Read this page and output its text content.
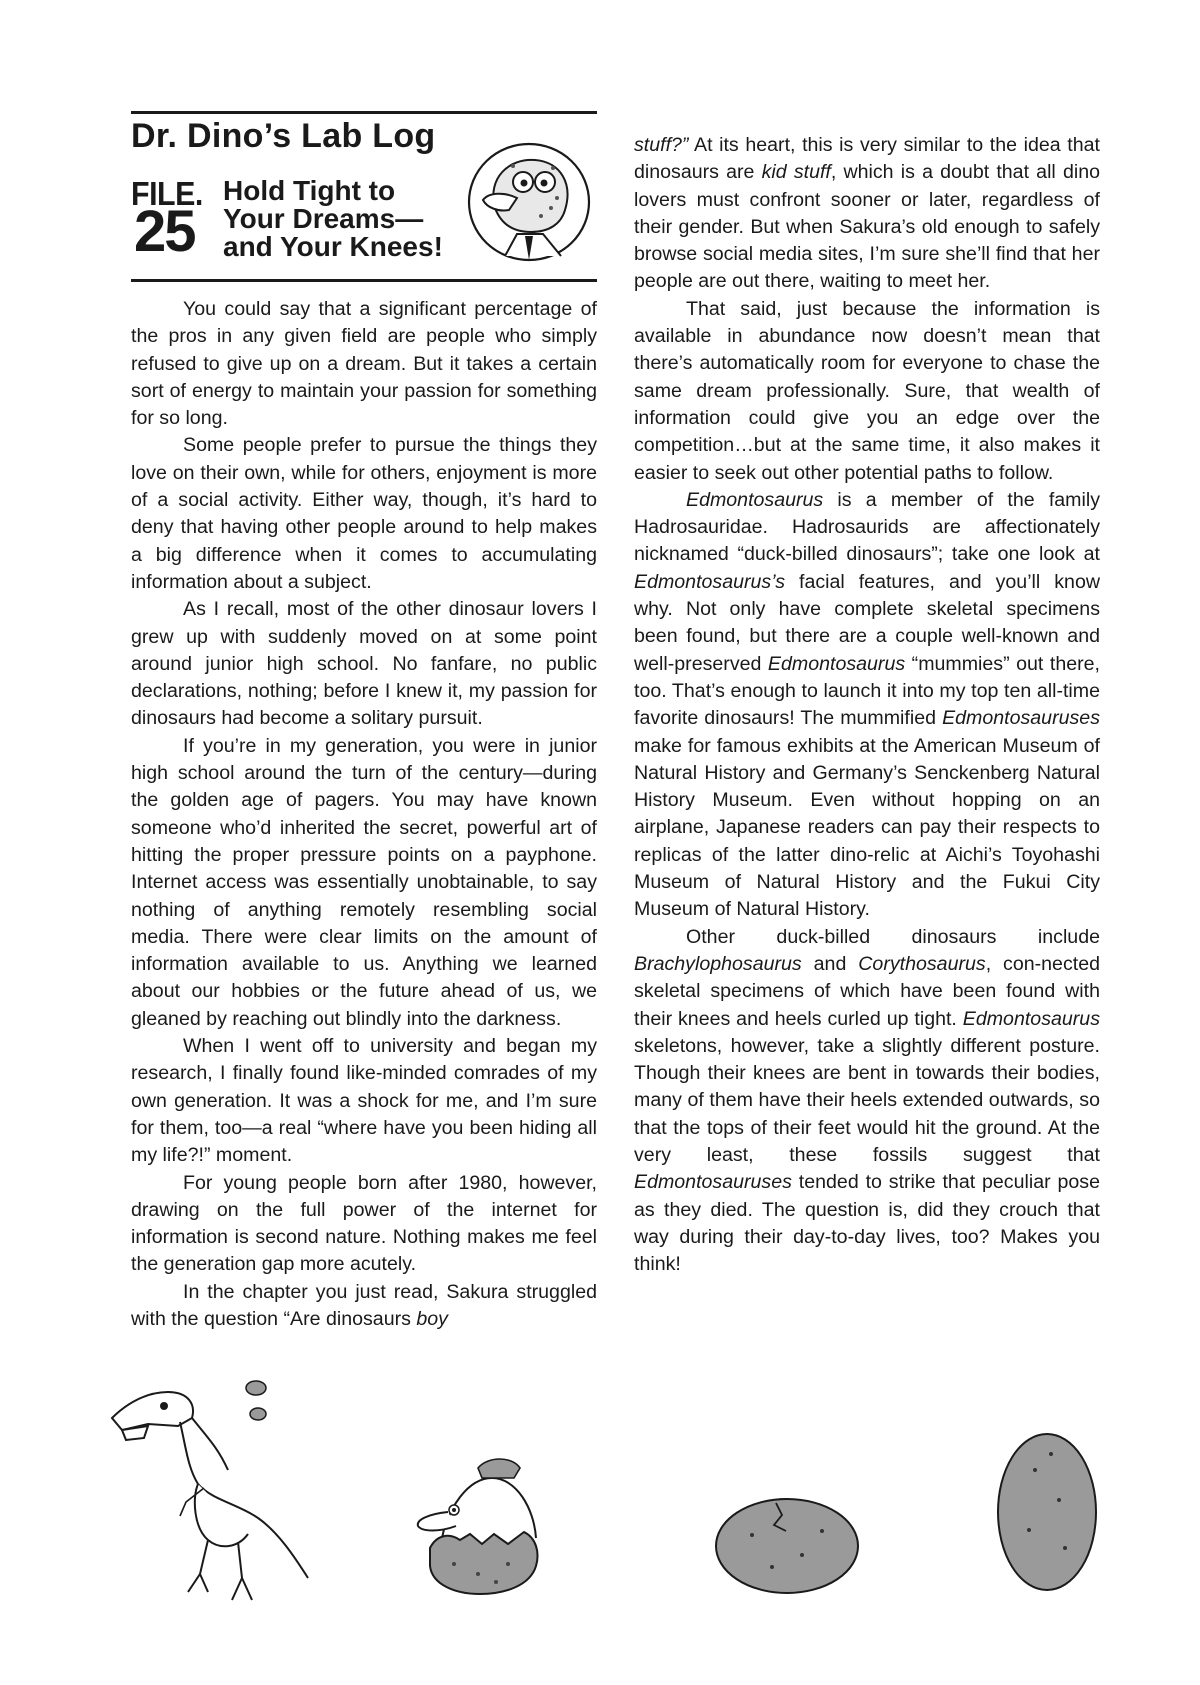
Dr. Dino’s Lab Log
FILE.
25
Hold Tight to
Your Dreams—
and Your Knees!

You could say that a significant percentage of the pros in any given field are people who simply refused to give up on a dream. But it takes a certain sort of energy to maintain your passion for something for so long.

Some people prefer to pursue the things they love on their own, while for others, enjoyment is more of a social activity. Either way, though, it’s hard to deny that having other people around to help makes a big difference when it comes to accumulating information about a subject.

As I recall, most of the other dinosaur lovers I grew up with suddenly moved on at some point around junior high school. No fanfare, no public declarations, nothing; before I knew it, my passion for dinosaurs had become a solitary pursuit.

If you’re in my generation, you were in junior high school around the turn of the century—during the golden age of pagers. You may have known someone who’d inherited the secret, powerful art of hitting the proper pressure points on a payphone. Internet access was essentially unobtainable, to say nothing of anything remotely resembling social media. There were clear limits on the amount of information available to us. Anything we learned about our hobbies or the future ahead of us, we gleaned by reaching out blindly into the darkness.

When I went off to university and began my research, I finally found like-minded comrades of my own generation. It was a shock for me, and I’m sure for them, too—a real “where have you been hiding all my life?!” moment.

For young people born after 1980, however, drawing on the full power of the internet for information is second nature. Nothing makes me feel the generation gap more acutely.

In the chapter you just read, Sakura struggled with the question “Are dinosaurs boy

stuff?” At its heart, this is very similar to the idea that dinosaurs are kid stuff, which is a doubt that all dino lovers must confront sooner or later, regardless of their gender. But when Sakura’s old enough to safely browse social media sites, I’m sure she’ll find that her people are out there, waiting to meet her.

That said, just because the information is available in abundance now doesn’t mean that there’s automatically room for everyone to chase the same dream professionally. Sure, that wealth of information could give you an edge over the competition…but at the same time, it also makes it easier to seek out other potential paths to follow.

Edmontosaurus is a member of the family Hadrosauridae. Hadrosaurids are affectionately nicknamed “duck-billed dinosaurs”; take one look at Edmontosaurus’s facial features, and you’ll know why. Not only have complete skeletal specimens been found, but there are a couple well-known and well-preserved Edmontosaurus “mummies” out there, too. That’s enough to launch it into my top ten all-time favorite dinosaurs! The mummified Edmontosauruses make for famous exhibits at the American Museum of Natural History and Germany’s Senckenberg Natural History Museum. Even without hopping on an airplane, Japanese readers can pay their respects to replicas of the latter dino-relic at Aichi’s Toyohashi Museum of Natural History and the Fukui City Museum of Natural History.

Other duck-billed dinosaurs include Brachylophosaurus and Corythosaurus, con-nected skeletal specimens of which have been found with their knees and heels curled up tight. Edmontosaurus skeletons, however, take a slightly different posture. Though their knees are bent in towards their bodies, many of them have their heels extended outwards, so that the tops of their feet would hit the ground. At the very least, these fossils suggest that Edmontosauruses tended to strike that peculiar pose as they died. The question is, did they crouch that way during their day-to-day lives, too? Makes you think!
